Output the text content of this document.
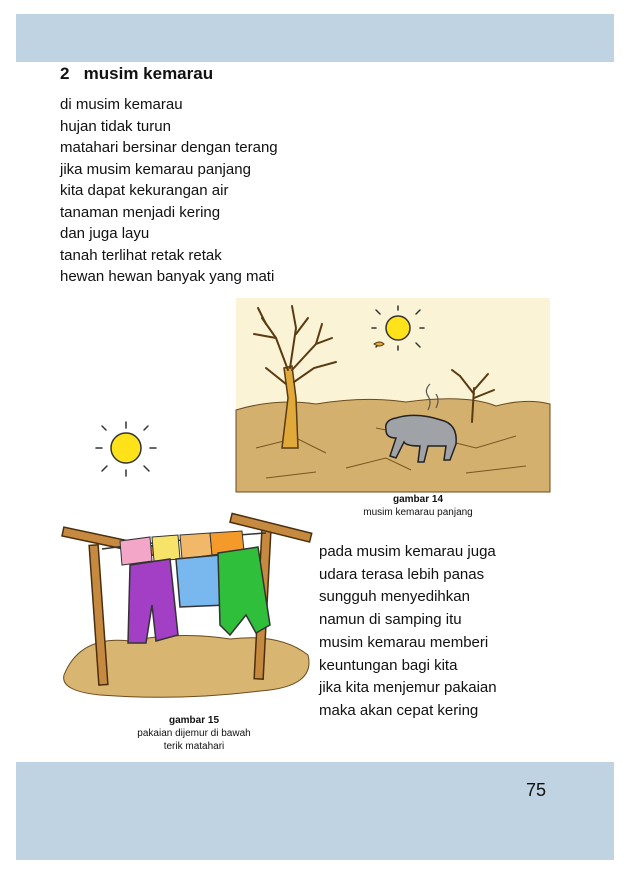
2 musim kemarau
di musim kemarau
hujan tidak turun
matahari bersinar dengan terang
jika musim kemarau panjang
kita dapat kekurangan air
tanaman menjadi kering
dan juga layu
tanah terlihat retak retak
hewan hewan banyak yang mati
gambar 14
musim kemarau panjang
pada musim kemarau juga
udara terasa lebih panas
sungguh menyedihkan
namun di samping itu
musim kemarau memberi
keuntungan bagi kita
jika kita menjemur pakaian
maka akan cepat kering
gambar 15
pakaian dijemur di bawah
terik matahari
75
